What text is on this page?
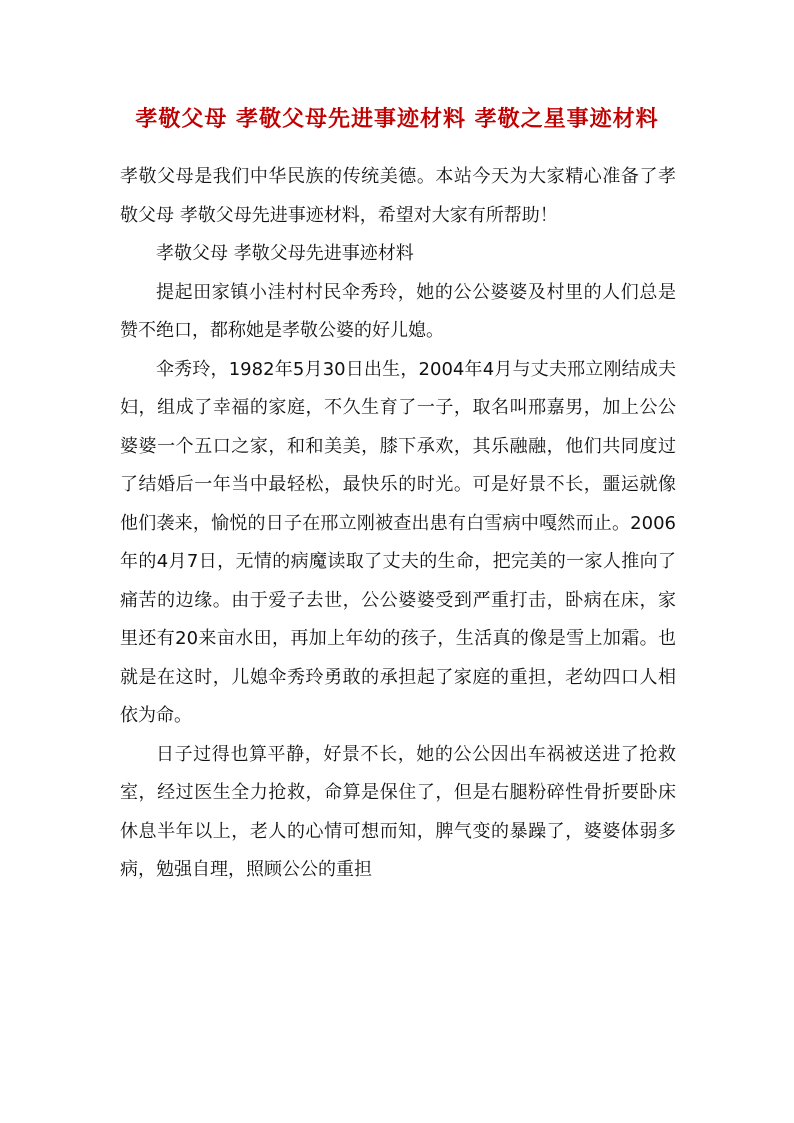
孝敬父母 孝敬父母先进事迹材料 孝敬之星事迹材料

孝敬父母是我们中华民族的传统美德。本站今天为大家精心准备了孝敬父母 孝敬父母先进事迹材料，希望对大家有所帮助！

孝敬父母 孝敬父母先进事迹材料

提起田家镇小洼村村民伞秀玲，她的公公婆婆及村里的人们总是赞不绝口，都称她是孝敬公婆的好儿媳。

伞秀玲，1982年5月30日出生，2004年4月与丈夫邢立刚结成夫妇，组成了幸福的家庭，不久生育了一子，取名叫邢嘉男，加上公公婆婆一个五口之家，和和美美，膝下承欢，其乐融融，他们共同度过了结婚后一年当中最轻松，最快乐的时光。可是好景不长，噩运就像他们袭来，愉悦的日子在邢立刚被查出患有白雪病中嘎然而止。2006年的4月7日，无情的病魔读取了丈夫的生命，把完美的一家人推向了痛苦的边缘。由于爱子去世，公公婆婆受到严重打击，卧病在床，家里还有20来亩水田，再加上年幼的孩子，生活真的像是雪上加霜。也就是在这时，儿媳伞秀玲勇敢的承担起了家庭的重担，老幼四口人相依为命。

日子过得也算平静，好景不长，她的公公因出车祸被送进了抢救室，经过医生全力抢救，命算是保住了，但是右腿粉碎性骨折要卧床休息半年以上，老人的心情可想而知，脾气变的暴躁了，婆婆体弱多病，勉强自理，照顾公公的重担
